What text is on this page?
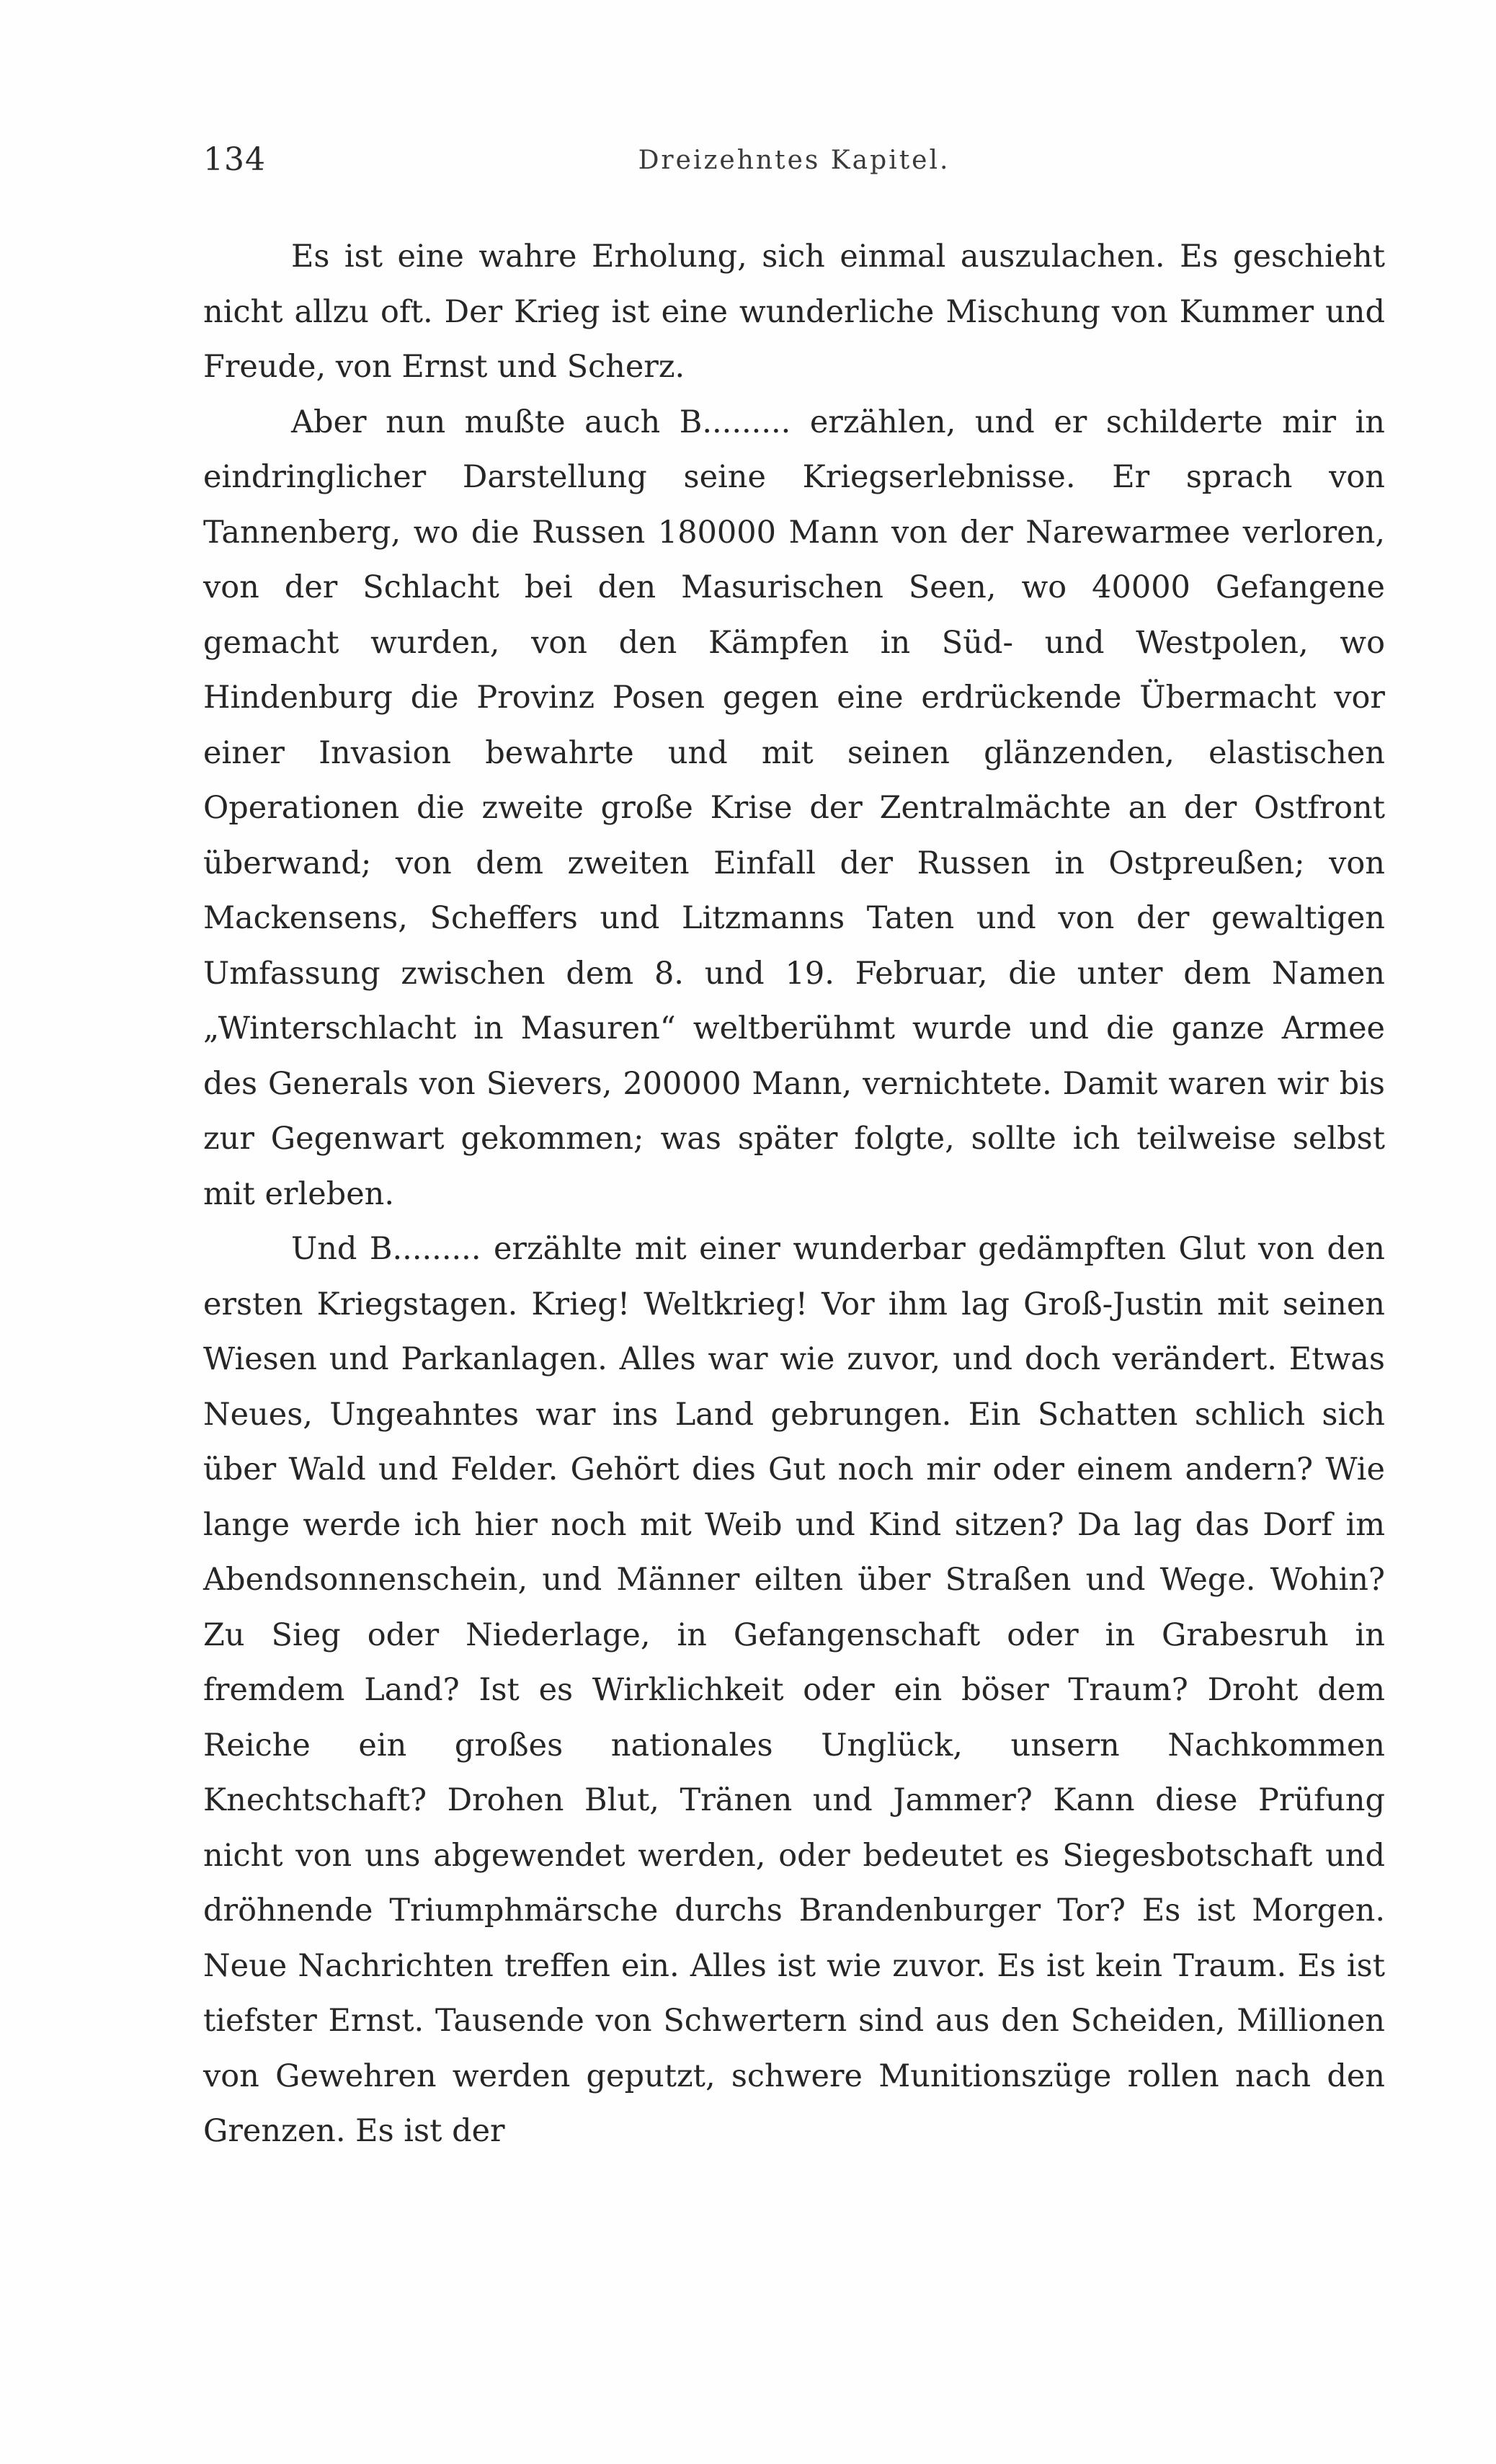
134	Dreizehntes Kapitel.

Es ist eine wahre Erholung, sich einmal auszulachen. Es geschieht nicht allzu oft. Der Krieg ist eine wunderliche Mischung von Kummer und Freude, von Ernst und Scherz.

Aber nun mußte auch B......... erzählen, und er schilderte mir in eindringlicher Darstellung seine Kriegserlebnisse. Er sprach von Tannenberg, wo die Russen 180000 Mann von der Narewarmee verloren, von der Schlacht bei den Masurischen Seen, wo 40000 Gefangene gemacht wurden, von den Kämpfen in Süd- und Westpolen, wo Hindenburg die Provinz Posen gegen eine erdrückende Übermacht vor einer Invasion bewahrte und mit seinen glänzenden, elastischen Operationen die zweite große Krise der Zentralmächte an der Ostfront überwand; von dem zweiten Einfall der Russen in Ostpreußen; von Mackensens, Scheffers und Litzmanns Taten und von der gewaltigen Umfassung zwischen dem 8. und 19. Februar, die unter dem Namen „Winterschlacht in Masuren“ weltberühmt wurde und die ganze Armee des Generals von Sievers, 200000 Mann, vernichtete. Damit waren wir bis zur Gegenwart gekommen; was später folgte, sollte ich teilweise selbst mit erleben.

Und B......... erzählte mit einer wunderbar gedämpften Glut von den ersten Kriegstagen. Krieg! Weltkrieg! Vor ihm lag Groß-Justin mit seinen Wiesen und Parkanlagen. Alles war wie zuvor, und doch verändert. Etwas Neues, Ungeahntes war ins Land gebrungen. Ein Schatten schlich sich über Wald und Felder. Gehört dies Gut noch mir oder einem andern? Wie lange werde ich hier noch mit Weib und Kind sitzen? Da lag das Dorf im Abendsonnenschein, und Männer eilten über Straßen und Wege. Wohin? Zu Sieg oder Niederlage, in Gefangenschaft oder in Grabesruh in fremdem Land? Ist es Wirklichkeit oder ein böser Traum? Droht dem Reiche ein großes nationales Unglück, unsern Nachkommen Knechtschaft? Drohen Blut, Tränen und Jammer? Kann diese Prüfung nicht von uns abgewendet werden, oder bedeutet es Siegesbotschaft und dröhnende Triumphmärsche durchs Brandenburger Tor? Es ist Morgen. Neue Nachrichten treffen ein. Alles ist wie zuvor. Es ist kein Traum. Es ist tiefster Ernst. Tausende von Schwertern sind aus den Scheiden, Millionen von Gewehren werden geputzt, schwere Munitionszüge rollen nach den Grenzen. Es ist der
